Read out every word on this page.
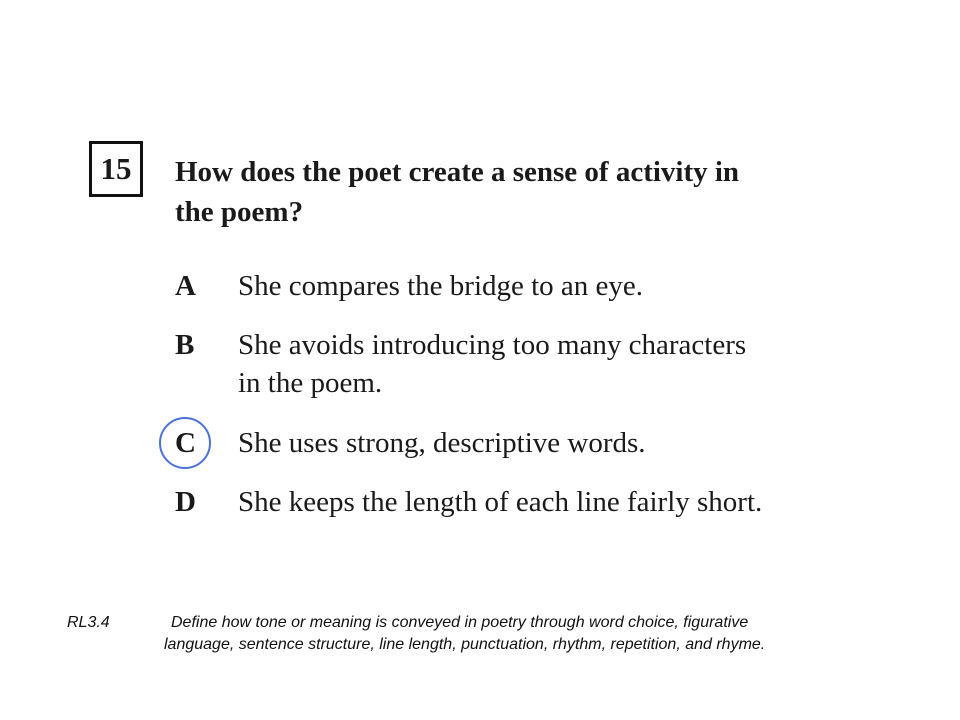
15 How does the poet create a sense of activity in
the poem?
A She compares the bridge to an eye.
B She avoids introducing too many characters
in the poem.
C She uses strong, descriptive words.
D She keeps the length of each line fairly short.
RL3.4	Define how tone or meaning is conveyed in poetry through word choice, figurative
language, sentence structure, line length, punctuation, rhythm, repetition, and rhyme.
